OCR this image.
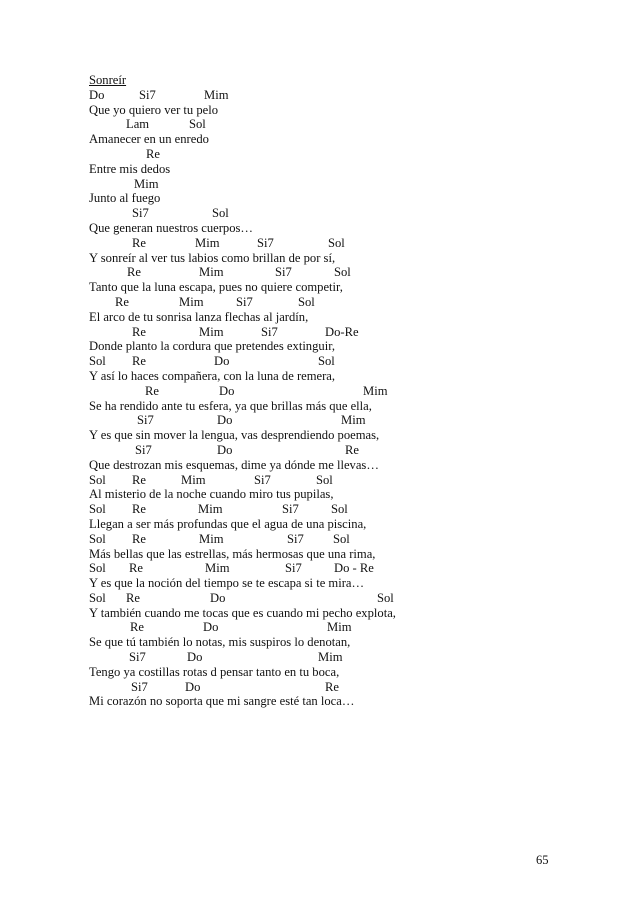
Sonreír
Do	Si7	Mim
Que yo quiero ver tu pelo
Lam	Sol
Amanecer en un enredo
Re
Entre mis dedos
Mim
Junto al fuego
Si7	Sol
Que generan nuestros cuerpos…
Re	Mim	Si7	Sol
Y sonreír al ver tus labios como brillan de por sí,
Re	Mim	Si7	Sol
Tanto que la luna escapa, pues no quiere competir,
Re	Mim	Si7	Sol
El arco de tu sonrisa lanza flechas al jardín,
Re	Mim	Si7	Do-Re
Donde planto la cordura que pretendes extinguir,
Sol Re	Do	Sol
Y así lo haces compañera, con la luna de remera,
Re	Do	Mim
Se ha rendido ante tu esfera, ya que brillas más que ella,
Si7	Do	Mim
Y es que sin mover la lengua, vas desprendiendo poemas,
Si7	Do	Re
Que destrozan mis esquemas, dime ya dónde me llevas…
Sol Re	Mim	Si7	Sol
Al misterio de la noche cuando miro tus pupilas,
Sol Re	Mim	Si7	Sol
Llegan a ser más profundas que el agua de una piscina,
Sol Re	Mim	Si7 Sol
Más bellas que las estrellas, más hermosas que una rima,
Sol Re	Mim	Si7	Do - Re
Y es que la noción del tiempo se te escapa si te mira…
Sol Re	Do	Sol
Y también cuando me tocas que es cuando mi pecho explota,
Re	Do	Mim
Se que tú también lo notas, mis suspiros lo denotan,
Si7	Do	Mim
Tengo ya costillas rotas d pensar tanto en tu boca,
Si7	Do	Re
Mi corazón no soporta que mi sangre esté tan loca…
65
